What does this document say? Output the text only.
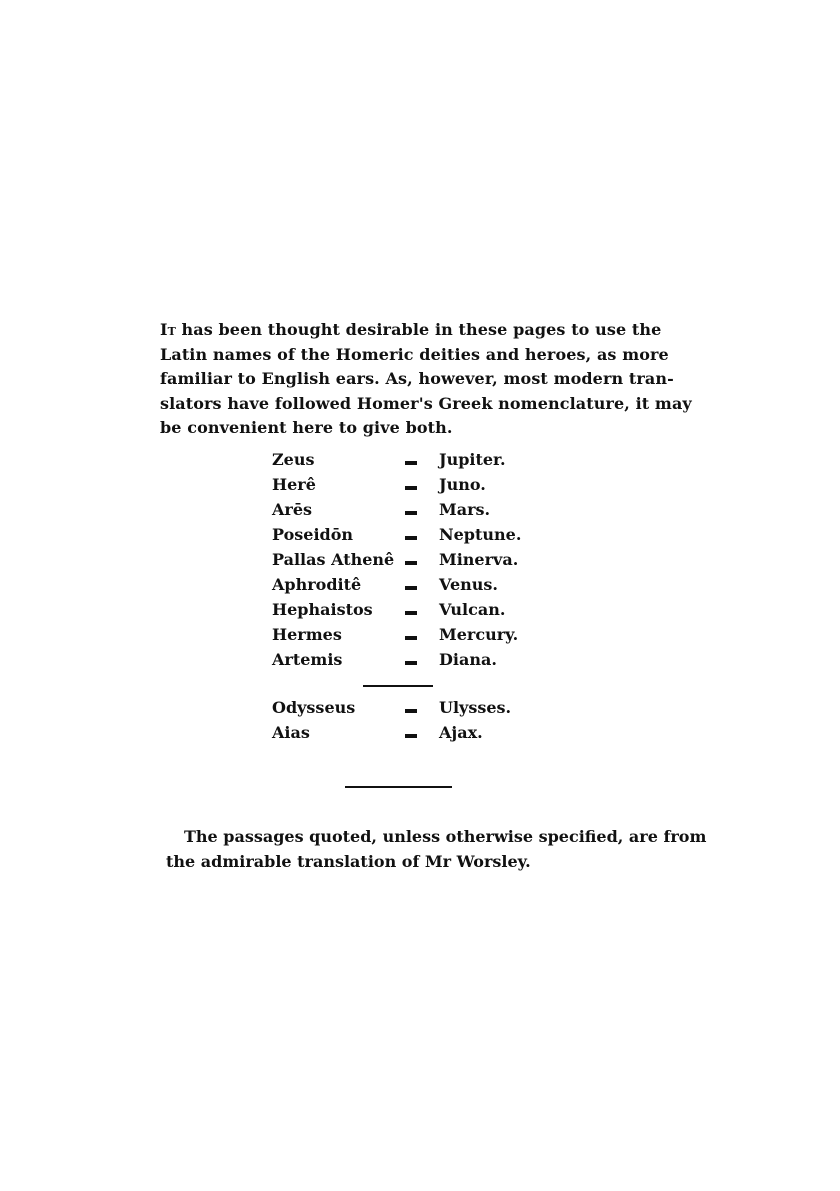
It has been thought desirable in these pages to use the
Latin names of the Homeric deities and heroes, as more
familiar to English ears. As, however, most modern tran-
slators have followed Homer's Greek nomenclature, it may
be convenient here to give both.
Zeus	Jupiter.
Herê	Juno.
Arēs	Mars.
Poseidōn	Neptune.
Pallas Athenê	Minerva.
Aphroditê	Venus.
Hephaistos	Vulcan.
Hermes	Mercury.
Artemis	Diana.
Odysseus	Ulysses.
Aias	Ajax.
The passages quoted, unless otherwise specified, are from
the admirable translation of Mr Worsley.
